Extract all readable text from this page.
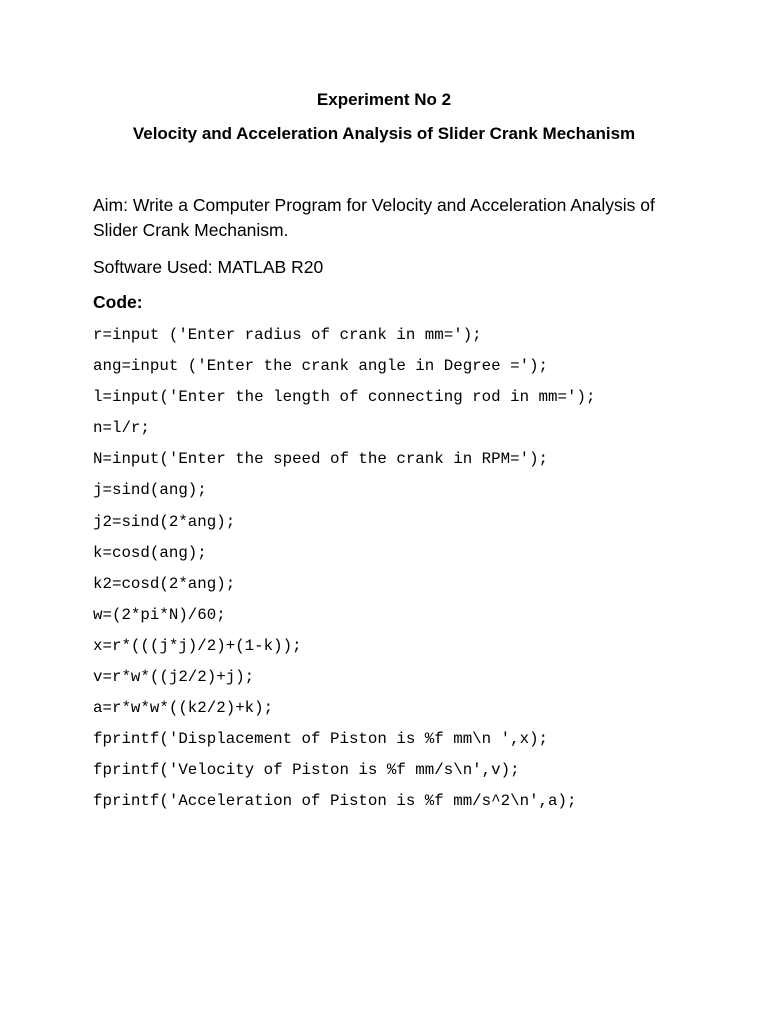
Experiment No 2
Velocity and Acceleration Analysis of Slider Crank Mechanism
Aim: Write a Computer Program for Velocity and Acceleration Analysis of Slider Crank Mechanism.
Software Used: MATLAB R20
Code:
r=input ('Enter radius of crank in mm=');
ang=input ('Enter the crank angle in Degree =');
l=input('Enter the length of connecting rod in mm=');
n=l/r;
N=input('Enter the speed of the crank in RPM=');
j=sind(ang);
j2=sind(2*ang);
k=cosd(ang);
k2=cosd(2*ang);
w=(2*pi*N)/60;
x=r*(((j*j)/2)+(1-k));
v=r*w*((j2/2)+j);
a=r*w*w*((k2/2)+k);
fprintf('Displacement of Piston is %f mm\n ',x);
fprintf('Velocity of Piston is %f mm/s\n',v);
fprintf('Acceleration of Piston is %f mm/s^2\n',a);
